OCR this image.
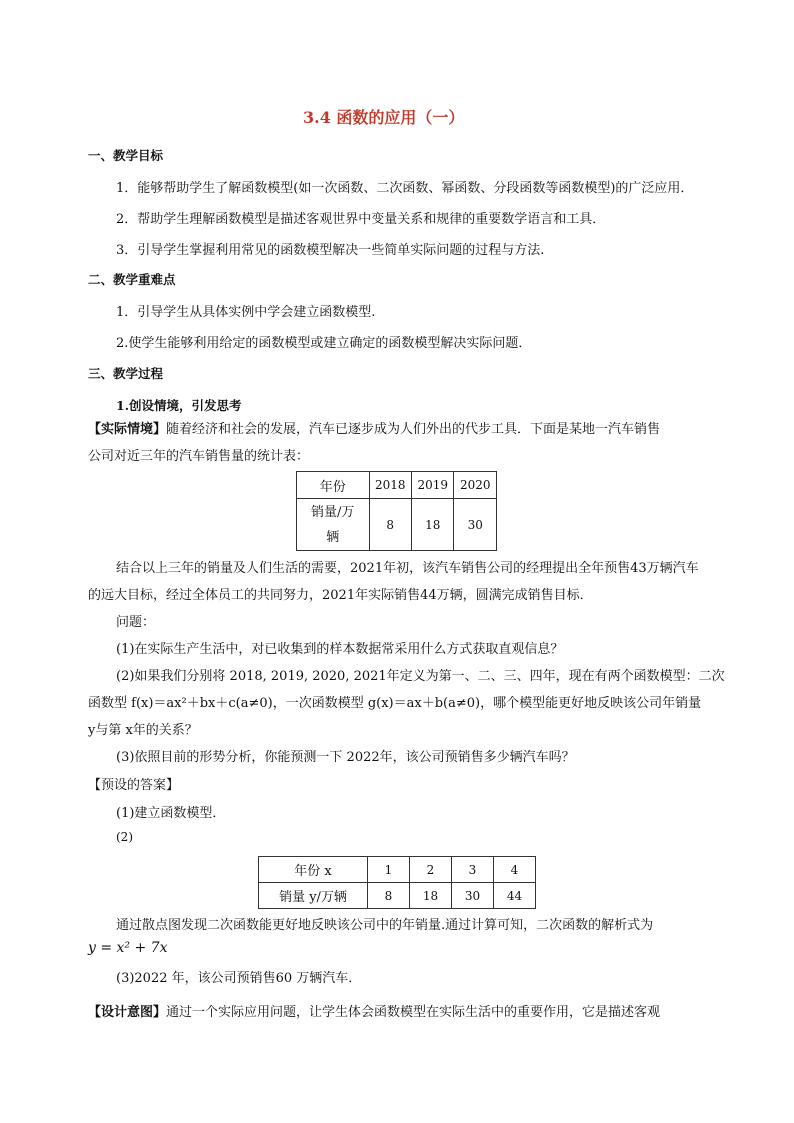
3.4 函数的应用（一）
一、教学目标
1．能够帮助学生了解函数模型(如一次函数、二次函数、幂函数、分段函数等函数模型)的广泛应用．
2．帮助学生理解函数模型是描述客观世界中变量关系和规律的重要数学语言和工具．
3．引导学生掌握利用常见的函数模型解决一些简单实际问题的过程与方法.
二、教学重难点
1．引导学生从具体实例中学会建立函数模型.
2.使学生能够利用给定的函数模型或建立确定的函数模型解决实际问题．
三、教学过程
1.创设情境，引发思考
【实际情境】随着经济和社会的发展，汽车已逐步成为人们外出的代步工具．下面是某地一汽车销售
公司对近三年的汽车销售量的统计表：
年份	2018	2019	2020

销量/万
辆	8	18	30
结合以上三年的销量及人们生活的需要，2021年初，该汽车销售公司的经理提出全年预售43万辆汽车
的远大目标，经过全体员工的共同努力，2021年实际销售44万辆，圆满完成销售目标．
问题：
(1)在实际生产生活中，对已收集到的样本数据常采用什么方式获取直观信息？
(2)如果我们分别将 2018, 2019, 2020, 2021年定义为第一、二、三、四年，现在有两个函数模型：二次
函数型 f(x)＝ax²＋bx＋c(a≠0)，一次函数模型 g(x)＝ax＋b(a≠0)，哪个模型能更好地反映该公司年销量
y与第 x年的关系？
(3)依照目前的形势分析，你能预测一下 2022年，该公司预销售多少辆汽车吗？
【预设的答案】
(1)建立函数模型．
(2)
年份 x	1	2	3	4
销量 y/万辆	8	18	30	44
通过散点图发现二次函数能更好地反映该公司中的年销量.通过计算可知，二次函数的解析式为
y = x² + 7x
(3)2022 年，该公司预销售60 万辆汽车．
【设计意图】通过一个实际应用问题，让学生体会函数模型在实际生活中的重要作用，它是描述客观
